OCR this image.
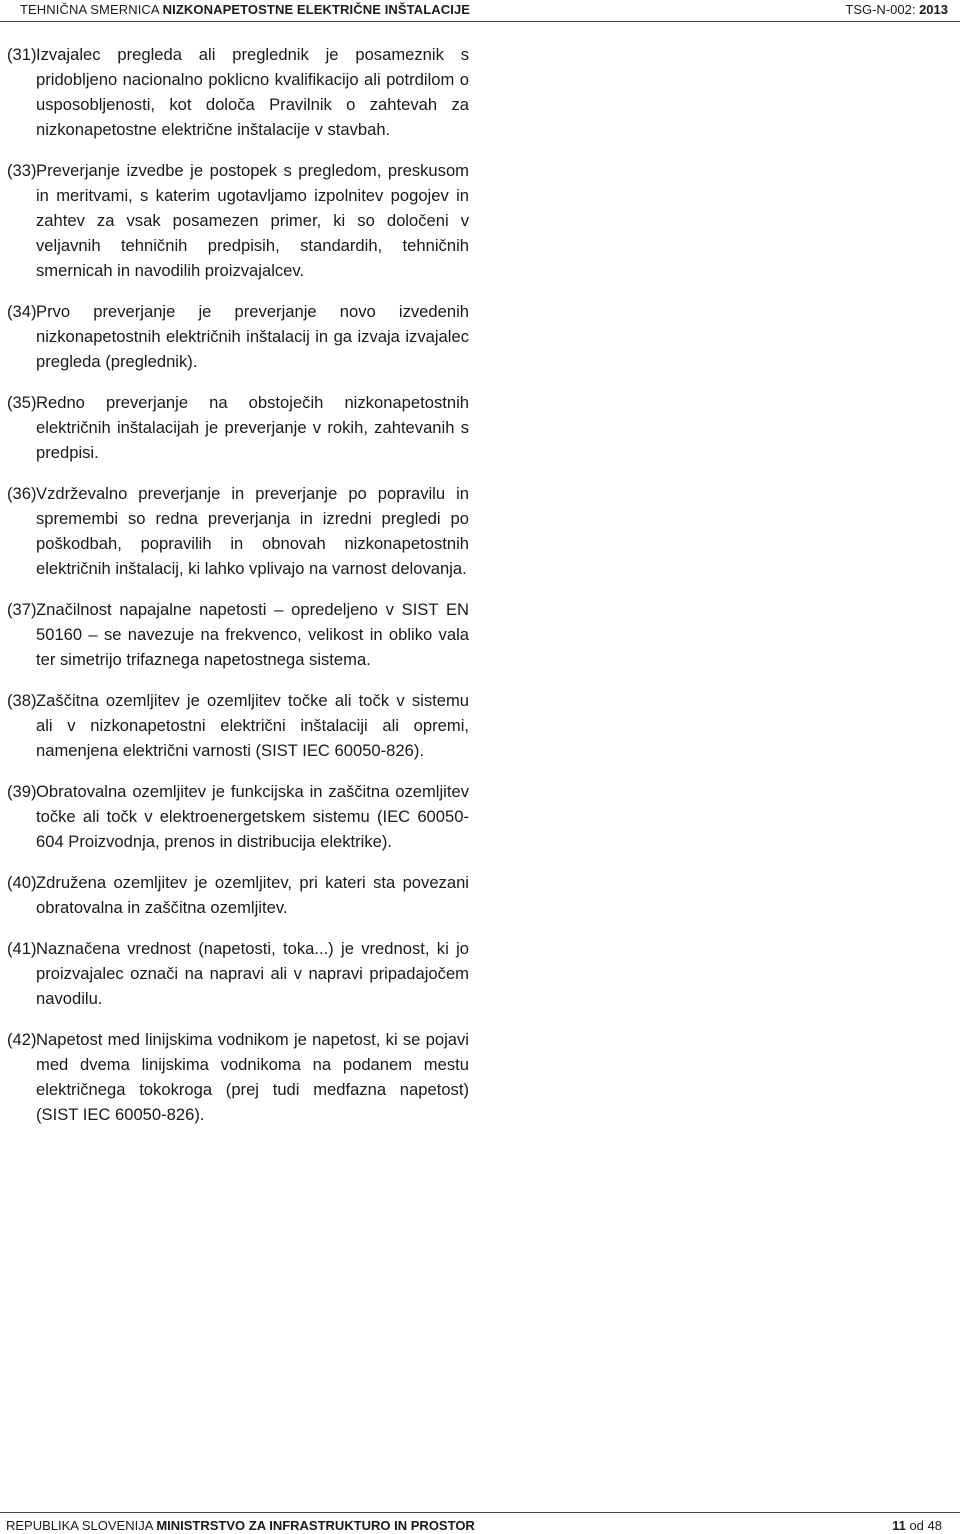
TEHNIČNA SMERNICA NIZKONAPETOSTNE ELEKTRIČNE INŠTALACIJE	TSG-N-002: 2013
(31) Izvajalec pregleda ali preglednik je posameznik s pridobljeno nacionalno poklicno kvalifikacijo ali potrdilom o usposobljenosti, kot določa Pravilnik o zahtevah za nizkonapetostne električne inštalacije v stavbah.
(33) Preverjanje izvedbe je postopek s pregledom, preskusom in meritvami, s katerim ugotavljamo izpolnitev pogojev in zahtev za vsak posamezen primer, ki so določeni v veljavnih tehničnih predpisih, standardih, tehničnih smernicah in navodilih proizvajalcev.
(34) Prvo preverjanje je preverjanje novo izvedenih nizkonapetostnih električnih inštalacij in ga izvaja izvajalec pregleda (preglednik).
(35) Redno preverjanje na obstoječih nizkonapetostnih električnih inštalacijah je preverjanje v rokih, zahtevanih s predpisi.
(36) Vzdrževalno preverjanje in preverjanje po popravilu in spremembi so redna preverjanja in izredni pregledi po poškodbah, popravilih in obnovah nizkonapetostnih električnih inštalacij, ki lahko vplivajo na varnost delovanja.
(37) Značilnost napajalne napetosti – opredeljeno v SIST EN 50160 – se navezuje na frekvenco, velikost in obliko vala ter simetrijo trifaznega napetostnega sistema.
(38) Zaščitna ozemljitev je ozemljitev točke ali točk v sistemu ali v nizkonapetostni električni inštalaciji ali opremi, namenjena električni varnosti (SIST IEC 60050-826).
(39) Obratovalna ozemljitev je funkcijska in zaščitna ozemljitev točke ali točk v elektroenergetskem sistemu (IEC 60050-604 Proizvodnja, prenos in distribucija elektrike).
(40) Združena ozemljitev je ozemljitev, pri kateri sta povezani obratovalna in zaščitna ozemljitev.
(41) Naznačena vrednost (napetosti, toka...) je vrednost, ki jo proizvajalec označi na napravi ali v napravi pripadajočem navodilu.
(42) Napetost med linijskima vodnikom je napetost, ki se pojavi med dvema linijskima vodnikoma na podanem mestu električnega tokokroga (prej tudi medfazna napetost) (SIST IEC 60050-826).
REPUBLIKA SLOVENIJA MINISTRSTVO ZA INFRASTRUKTURO IN PROSTOR	11 od 48
